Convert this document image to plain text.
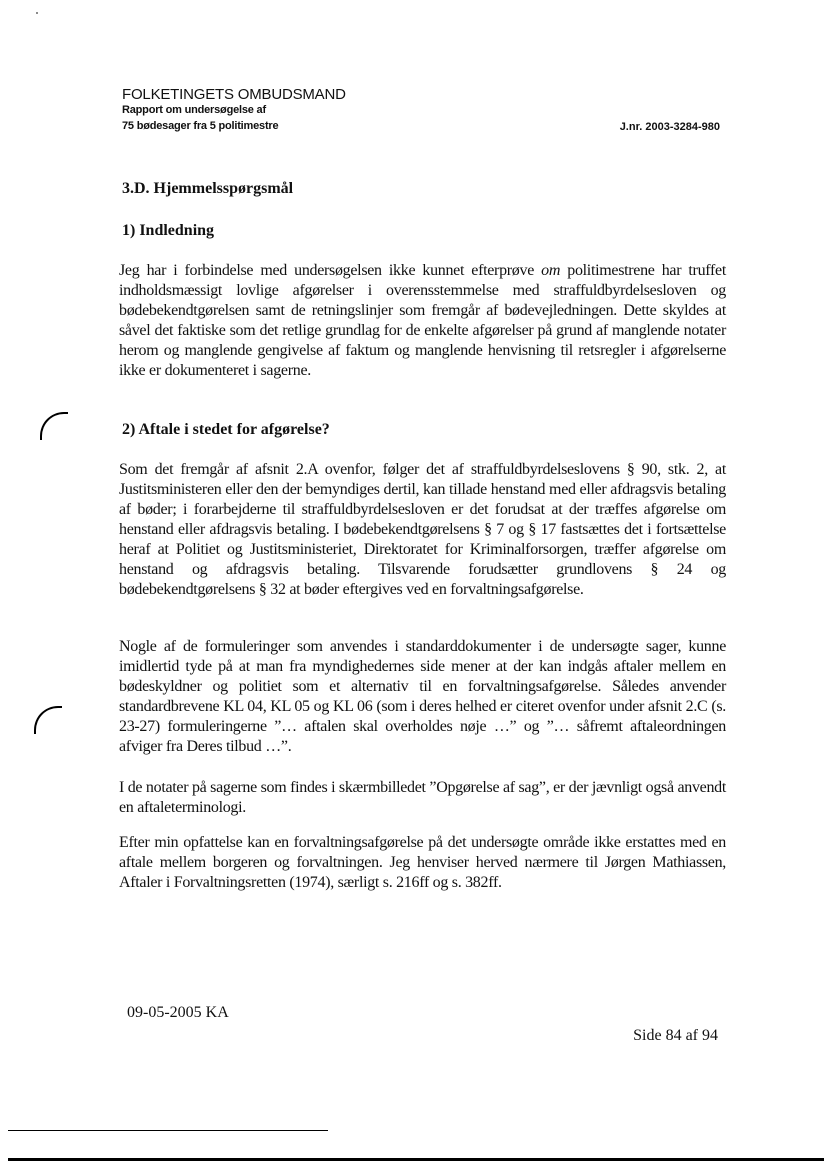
FOLKETINGETS OMBUDSMAND
Rapport om undersøgelse af
75 bødesager fra 5 politimestre	J.nr. 2003-3284-980
3.D. Hjemmelsspørgsmål
1) Indledning
Jeg har i forbindelse med undersøgelsen ikke kunnet efterprøve om politimestrene har truffet indholdsmæssigt lovlige afgørelser i overensstemmelse med straffuldbyrdelsesloven og bødebekendtgørelsen samt de retningslinjer som fremgår af bødevejledningen. Dette skyldes at såvel det faktiske som det retlige grundlag for de enkelte afgørelser på grund af manglende notater herom og manglende gengivelse af faktum og manglende henvisning til retsregler i afgørelserne ikke er dokumenteret i sagerne.
2) Aftale i stedet for afgørelse?
Som det fremgår af afsnit 2.A ovenfor, følger det af straffuldbyrdelseslovens § 90, stk. 2, at Justitsministeren eller den der bemyndiges dertil, kan tillade henstand med eller afdragsvis betaling af bøder; i forarbejderne til straffuldbyrdelsesloven er det forudsat at der træffes afgørelse om henstand eller afdragsvis betaling. I bødebekendtgørelsens § 7 og § 17 fastsættes det i fortsættelse heraf at Politiet og Justitsministeriet, Direktoratet for Kriminalforsorgen, træffer afgørelse om henstand og afdragsvis betaling. Tilsvarende forudsætter grundlovens § 24 og bødebekendtgørelsens § 32 at bøder eftergives ved en forvaltningsafgørelse.
Nogle af de formuleringer som anvendes i standarddokumenter i de undersøgte sager, kunne imidlertid tyde på at man fra myndighedernes side mener at der kan indgås aftaler mellem en bødeskyldner og politiet som et alternativ til en forvaltningsafgørelse. Således anvender standardbrevene KL 04, KL 05 og KL 06 (som i deres helhed er citeret ovenfor under afsnit 2.C (s. 23-27) formuleringerne ”… aftalen skal overholdes nøje …” og ”… såfremt aftaleordningen afviger fra Deres tilbud …”.
I de notater på sagerne som findes i skærmbilledet ”Opgørelse af sag”, er der jævnligt også anvendt en aftaleterminologi.
Efter min opfattelse kan en forvaltningsafgørelse på det undersøgte område ikke erstattes med en aftale mellem borgeren og forvaltningen. Jeg henviser herved nærmere til Jørgen Mathiassen, Aftaler i Forvaltningsretten (1974), særligt s. 216ff og s. 382ff.
09-05-2005 KA
Side 84 af 94
